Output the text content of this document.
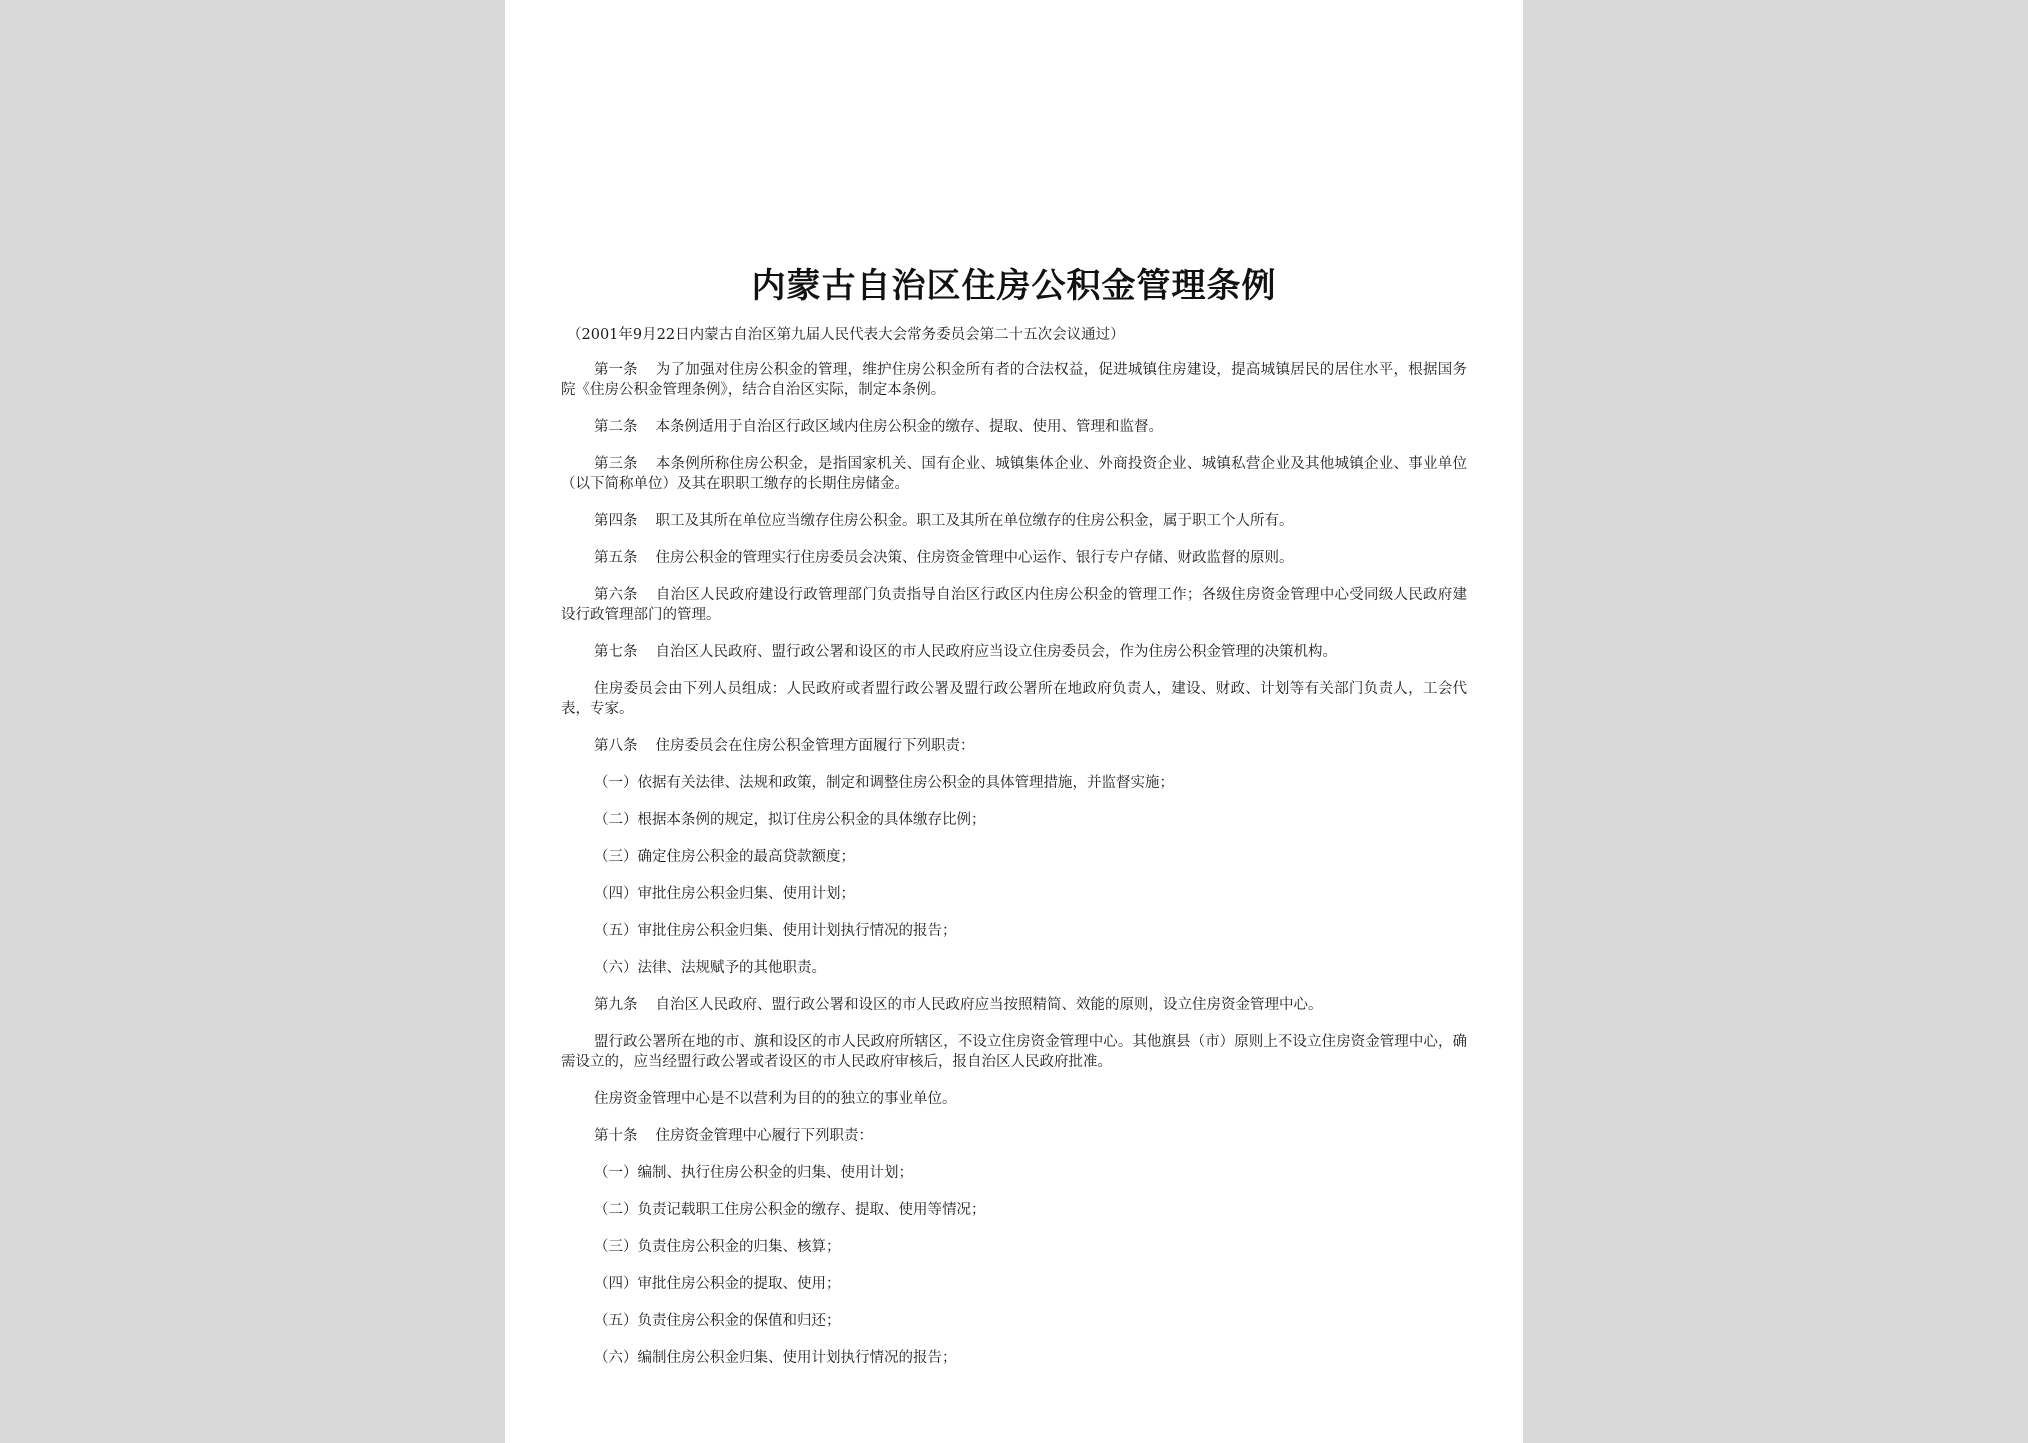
内蒙古自治区住房公积金管理条例
（2001年9月22日内蒙古自治区第九届人民代表大会常务委员会第二十五次会议通过）
第一条 为了加强对住房公积金的管理，维护住房公积金所有者的合法权益，促进城镇住房建设，提高城镇居民的居住水平，根据国务院《住房公积金管理条例》，结合自治区实际，制定本条例。
第二条 本条例适用于自治区行政区域内住房公积金的缴存、提取、使用、管理和监督。
第三条 本条例所称住房公积金，是指国家机关、国有企业、城镇集体企业、外商投资企业、城镇私营企业及其他城镇企业、事业单位（以下简称单位）及其在职职工缴存的长期住房储金。
第四条 职工及其所在单位应当缴存住房公积金。职工及其所在单位缴存的住房公积金，属于职工个人所有。
第五条 住房公积金的管理实行住房委员会决策、住房资金管理中心运作、银行专户存储、财政监督的原则。
第六条 自治区人民政府建设行政管理部门负责指导自治区行政区内住房公积金的管理工作；各级住房资金管理中心受同级人民政府建设行政管理部门的管理。
第七条 自治区人民政府、盟行政公署和设区的市人民政府应当设立住房委员会，作为住房公积金管理的决策机构。
住房委员会由下列人员组成：人民政府或者盟行政公署及盟行政公署所在地政府负责人，建设、财政、计划等有关部门负责人，工会代表，专家。
第八条 住房委员会在住房公积金管理方面履行下列职责：
（一）依据有关法律、法规和政策，制定和调整住房公积金的具体管理措施，并监督实施；
（二）根据本条例的规定，拟订住房公积金的具体缴存比例；
（三）确定住房公积金的最高贷款额度；
（四）审批住房公积金归集、使用计划；
（五）审批住房公积金归集、使用计划执行情况的报告；
（六）法律、法规赋予的其他职责。
第九条 自治区人民政府、盟行政公署和设区的市人民政府应当按照精简、效能的原则，设立住房资金管理中心。
盟行政公署所在地的市、旗和设区的市人民政府所辖区，不设立住房资金管理中心。其他旗县（市）原则上不设立住房资金管理中心，确需设立的，应当经盟行政公署或者设区的市人民政府审核后，报自治区人民政府批准。
住房资金管理中心是不以营利为目的的独立的事业单位。
第十条 住房资金管理中心履行下列职责：
（一）编制、执行住房公积金的归集、使用计划；
（二）负责记载职工住房公积金的缴存、提取、使用等情况；
（三）负责住房公积金的归集、核算；
（四）审批住房公积金的提取、使用；
（五）负责住房公积金的保值和归还；
（六）编制住房公积金归集、使用计划执行情况的报告；
